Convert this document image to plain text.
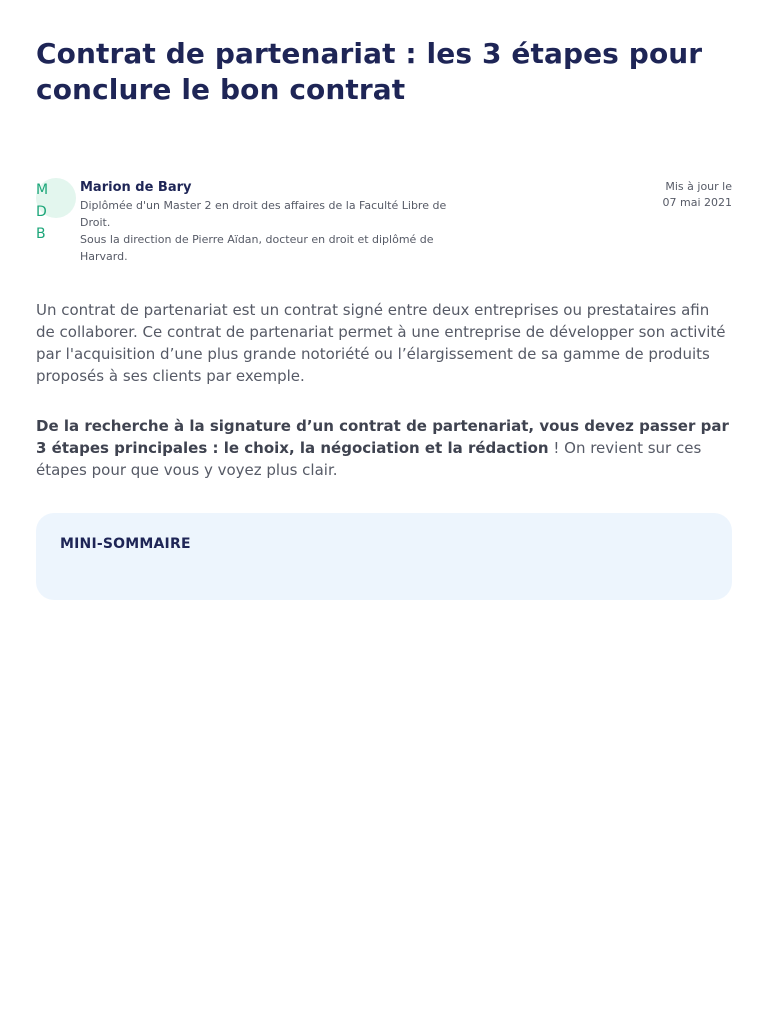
Contrat de partenariat : les 3 étapes pour conclure le bon contrat
M
D
B
Marion de Bary
Diplômée d'un Master 2 en droit des affaires de la Faculté Libre de Droit.
Sous la direction de Pierre Aïdan, docteur en droit et diplômé de Harvard.
Mis à jour le
07 mai 2021

Un contrat de partenariat est un contrat signé entre deux entreprises ou prestataires afin de collaborer. Ce contrat de partenariat permet à une entreprise de développer son activité par l'acquisition d’une plus grande notoriété ou l’élargissement de sa gamme de produits proposés à ses clients par exemple.

De la recherche à la signature d’un contrat de partenariat, vous devez passer par 3 étapes principales : le choix, la négociation et la rédaction ! On revient sur ces étapes pour que vous y voyez plus clair.

MINI-SOMMAIRE
